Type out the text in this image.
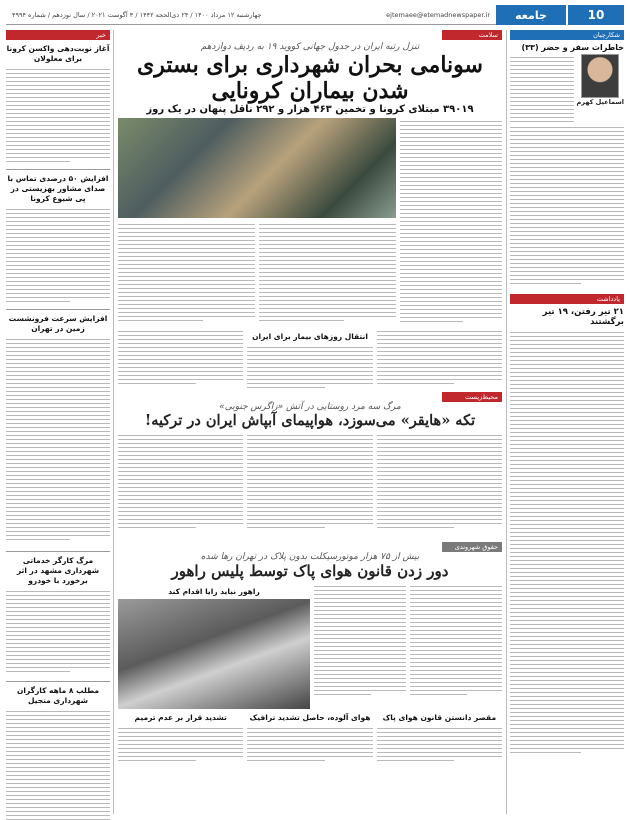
10
جامعه
ejtemaee@etemadnewspaper.ir
چهارشنبه ۱۲ مرداد ۱۴۰۰ / ۲۴ ذی‌الحجه ۱۴۴۲ / ۴ آگوست ۲۰۲۱ / سال نوزدهم / شماره ۴۹۹۴
شکارچیان
خاطرات سفر و حضر (۳۳)
اسماعیل کهرم
یادداشت
۲۱ تیر رفتن، ۱۹ تیر برگشتند
سلامت
تنزل رتبه ایران در جدول جهانی کووید ۱۹ به ردیف دوازدهم
سونامی بحران شهرداری برای بستری شدن بیماران کرونایی
۳۹۰۱۹ مبتلای کرونا و تخمین ۴۶۳ هزار و ۲۹۲ ناقل پنهان در یک روز
انتقال روزهای بیمار برای ایران
محیط‌زیست
مرگ سه مرد روستایی در آتش «زاگرس جنوبی»
تکه «هایقر» می‌سوزد، هواپیمای آبپاش ایران در ترکیه!
حقوق شهروندی
بیش از ۷۵ هزار موتورسیکلت بدون پلاک در تهران رها شده
دور زدن قانون هوای پاک توسط پلیس راهور
راهور نباید رایا اقدام کند
مقصر دانستن قانون هوای پاک
هوای آلوده، حاصل تشدید ترافیک
تشدید قرار بر عدم ترمیم
خبر
آغاز نوبت‌دهی واکسن کرونا برای معلولان
افزایش ۵۰ درصدی تماس با صدای مشاور بهزیستی در پی شیوع کرونا
افزایش سرعت فرونشست زمین در تهران
مرگ کارگر خدماتی شهرداری مشهد در اثر برخورد با خودرو
مطلب ۸ ماهه کارگران شهرداری منجیل
